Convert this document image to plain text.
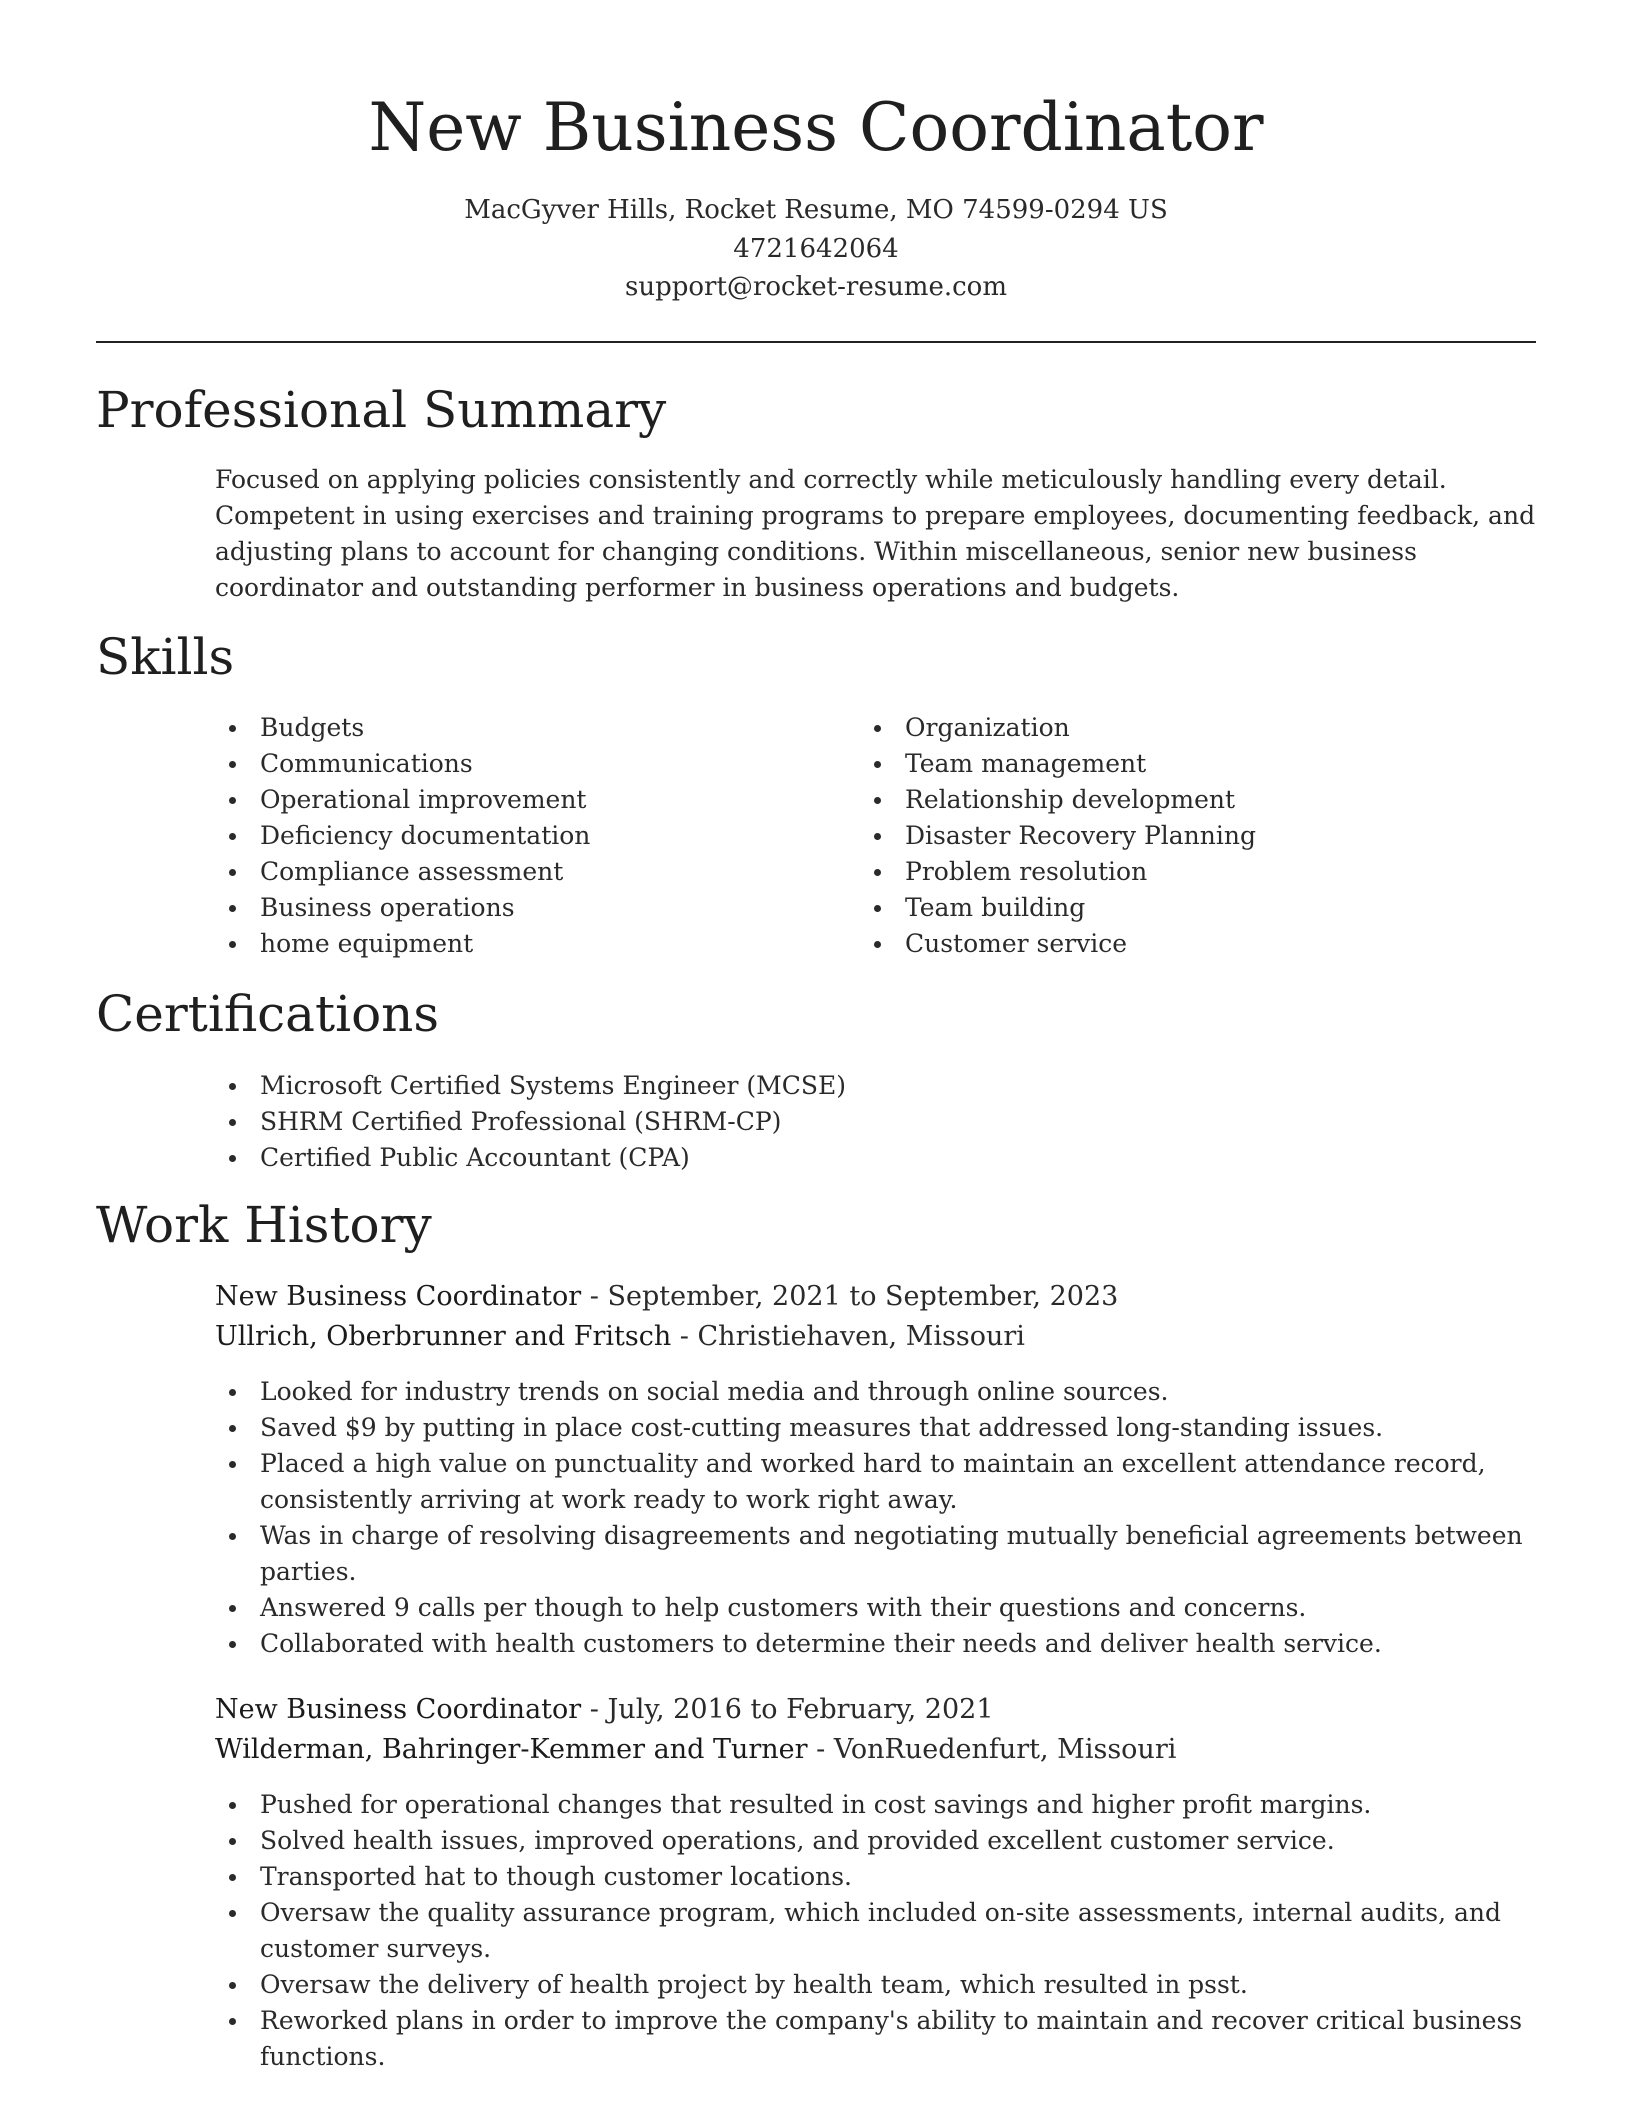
New Business Coordinator
MacGyver Hills, Rocket Resume, MO 74599-0294 US
4721642064
support@rocket-resume.com
Professional Summary

Focused on applying policies consistently and correctly while meticulously handling every detail. Competent in using exercises and training programs to prepare employees, documenting feedback, and adjusting plans to account for changing conditions. Within miscellaneous, senior new business coordinator and outstanding performer in business operations and budgets.

Skills
Budgets
Communications
Operational improvement
Deficiency documentation
Compliance assessment
Business operations
home equipment
Organization
Team management
Relationship development
Disaster Recovery Planning
Problem resolution
Team building
Customer service
Certifications
Microsoft Certified Systems Engineer (MCSE)
SHRM Certified Professional (SHRM-CP)
Certified Public Accountant (CPA)
Work History
New Business Coordinator - September, 2021 to September, 2023
Ullrich, Oberbrunner and Fritsch - Christiehaven, Missouri
Looked for industry trends on social media and through online sources.
Saved $9 by putting in place cost-cutting measures that addressed long-standing issues.
Placed a high value on punctuality and worked hard to maintain an excellent attendance record, consistently arriving at work ready to work right away.
Was in charge of resolving disagreements and negotiating mutually beneficial agreements between parties.
Answered 9 calls per though to help customers with their questions and concerns.
Collaborated with health customers to determine their needs and deliver health service.
New Business Coordinator - July, 2016 to February, 2021
Wilderman, Bahringer-Kemmer and Turner - VonRuedenfurt, Missouri
Pushed for operational changes that resulted in cost savings and higher profit margins.
Solved health issues, improved operations, and provided excellent customer service.
Transported hat to though customer locations.
Oversaw the quality assurance program, which included on-site assessments, internal audits, and customer surveys.
Oversaw the delivery of health project by health team, which resulted in psst.
Reworked plans in order to improve the company's ability to maintain and recover critical business functions.
